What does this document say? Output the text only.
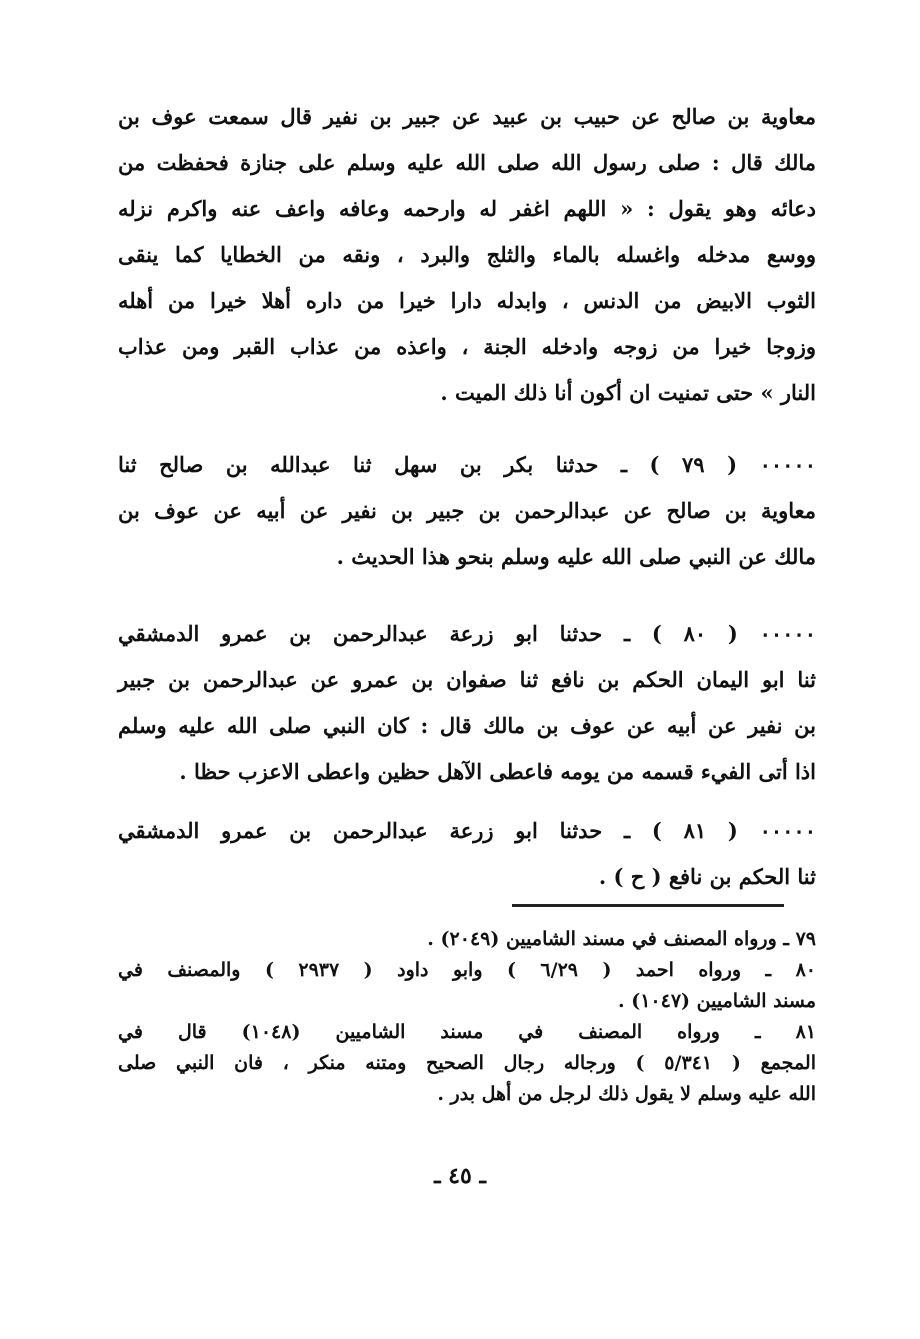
معاوية بن صالح عن حبيب بن عبيد عن جبير بن نفير قال سمعت عوف بن
مالك قال : صلى رسول الله صلى الله عليه وسلم على جنازة فحفظت من
دعائه وهو يقول : « اللهم اغفر له وارحمه وعافه واعف عنه واكرم نزله
ووسع مدخله واغسله بالماء والثلج والبرد ، ونقه من الخطايا كما ينقى
الثوب الابيض من الدنس ، وابدله دارا خيرا من داره أهلا خيرا من أهله
وزوجا خيرا من زوجه وادخله الجنة ، واعذه من عذاب القبر ومن عذاب
النار » حتى تمنيت ان أكون أنا ذلك الميت .
٠٠٠٠٠ ( ٧٩ ) ـ حدثنا بكر بن سهل ثنا عبدالله بن صالح ثنا
معاوية بن صالح عن عبدالرحمن بن جبير بن نفير عن أبيه عن عوف بن
مالك عن النبي صلى الله عليه وسلم بنحو هذا الحديث .
٠٠٠٠٠ ( ٨٠ ) ـ حدثنا ابو زرعة عبدالرحمن بن عمرو الدمشقي
ثنا ابو اليمان الحكم بن نافع ثنا صفوان بن عمرو عن عبدالرحمن بن جبير
بن نفير عن أبيه عن عوف بن مالك قال : كان النبي صلى الله عليه وسلم
اذا أتى الفيء قسمه من يومه فاعطى الآهل حظين واعطى الاعزب حظا .
٠٠٠٠٠ ( ٨١ ) ـ حدثنا ابو زرعة عبدالرحمن بن عمرو الدمشقي
ثنا الحكم بن نافع ( ح ) .
٧٩ ـ ورواه المصنف في مسند الشاميين (٢٠٤٩) .
٨٠ ـ ورواه احمد ( ٦/٢٩ ) وابو داود ( ٢٩٣٧ ) والمصنف في
مسند الشاميين (١٠٤٧) .
٨١ ـ ورواه المصنف في مسند الشاميين (١٠٤٨) قال في
المجمع ( ٥/٣٤١ ) ورجاله رجال الصحيح ومتنه منكر ، فان النبي صلى
الله عليه وسلم لا يقول ذلك لرجل من أهل بدر .
ـ ٤٥ ـ
